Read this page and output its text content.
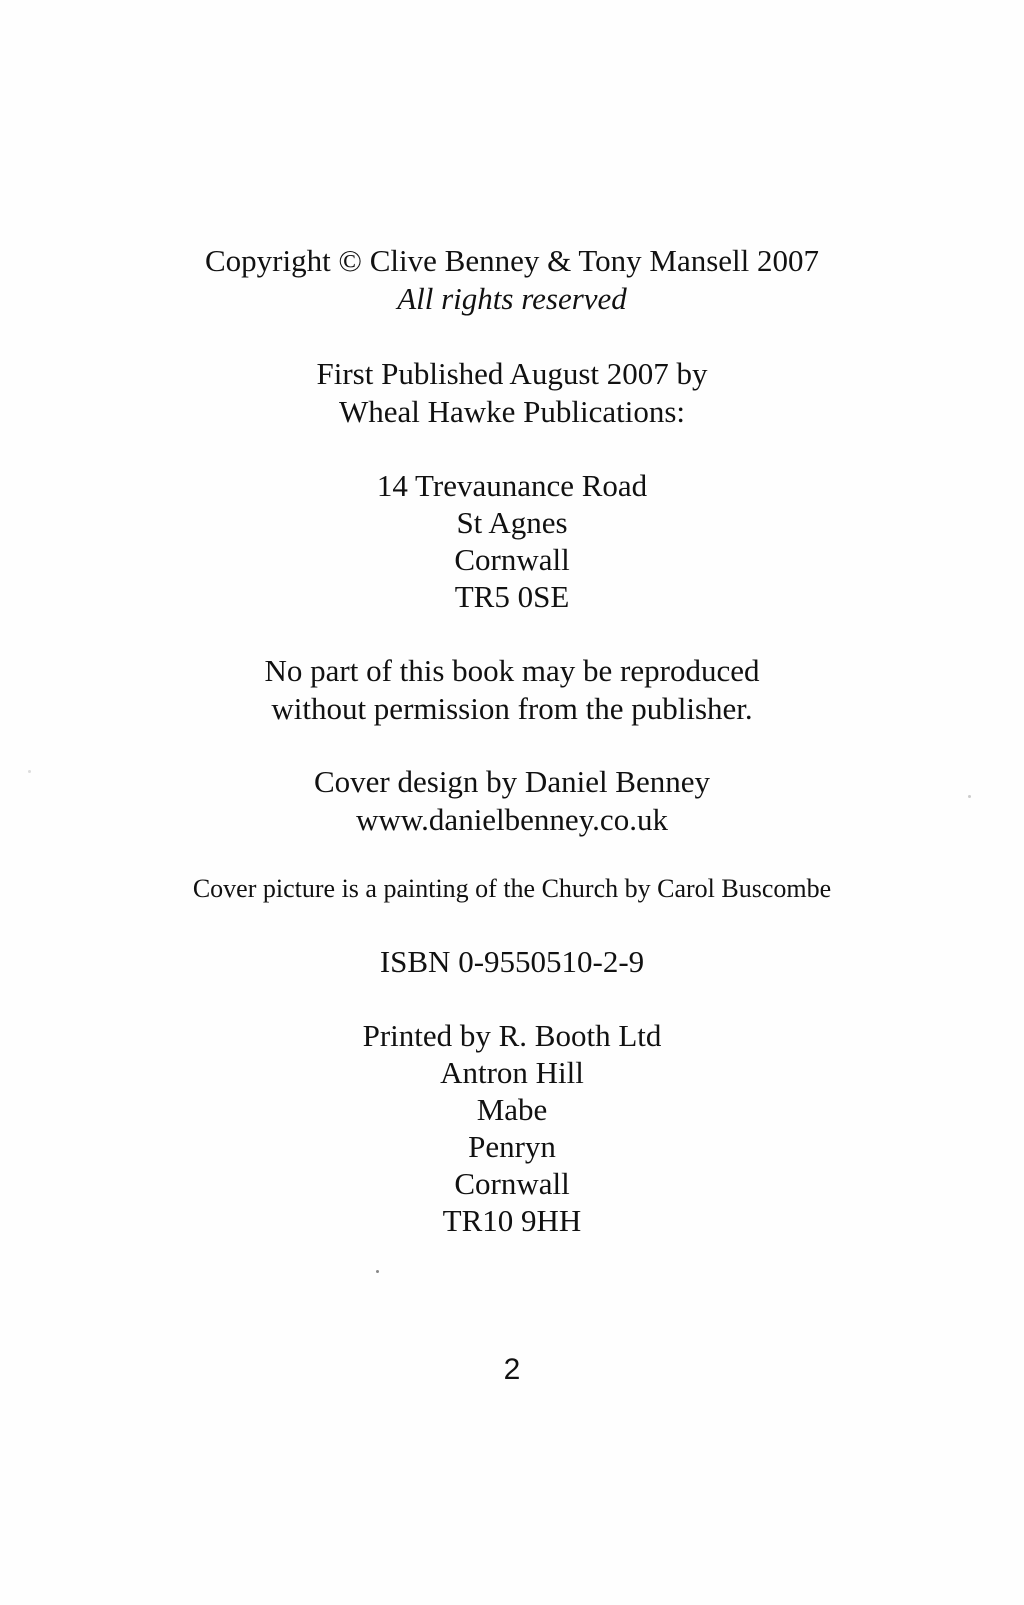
Copyright © Clive Benney & Tony Mansell 2007
All rights reserved
First Published August 2007 by
Wheal Hawke Publications:
14 Trevaunance Road
St Agnes
Cornwall
TR5 0SE
No part of this book may be reproduced
without permission from the publisher.
Cover design by Daniel Benney
www.danielbenney.co.uk
Cover picture is a painting of the Church by Carol Buscombe
ISBN 0-9550510-2-9
Printed by R. Booth Ltd
Antron Hill
Mabe
Penryn
Cornwall
TR10 9HH
2
